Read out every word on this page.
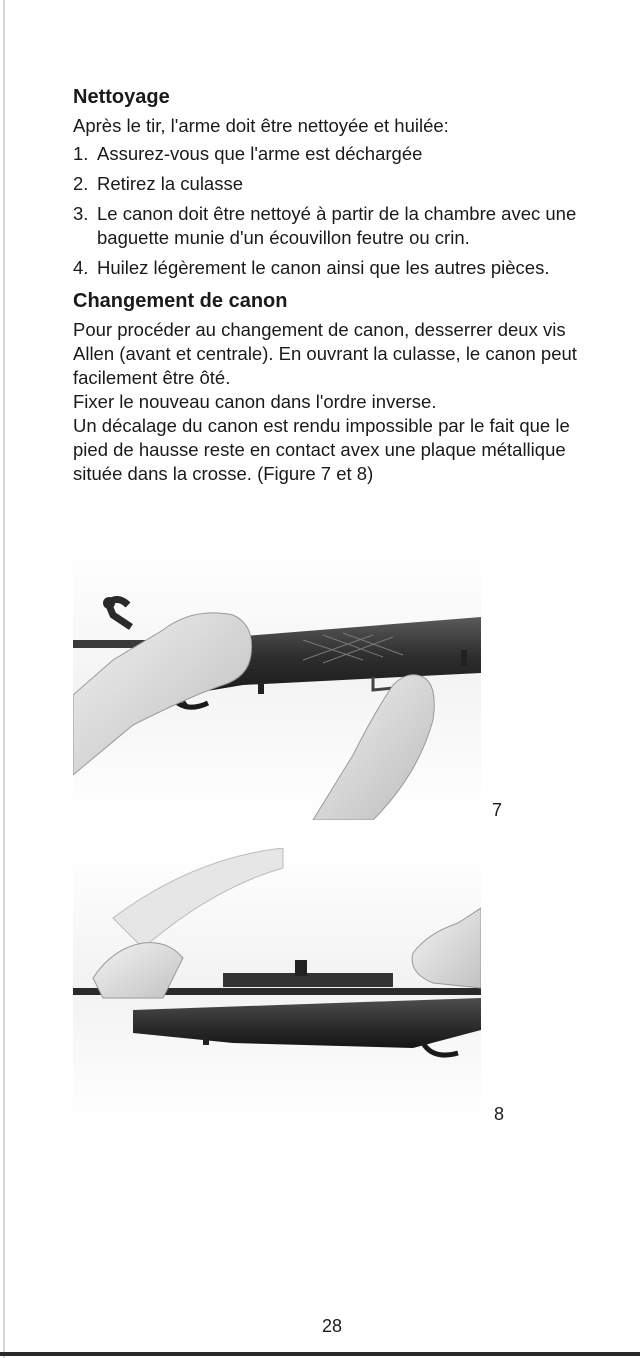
Nettoyage

Après le tir, l'arme doit être nettoyée et huilée:

1. Assurez-vous que l'arme est déchargée
2. Retirez la culasse
3. Le canon doit être nettoyé à partir de la chambre avec une baguette munie d'un écouvillon feutre ou crin.
4. Huilez légèrement le canon ainsi que les autres pièces.
Changement de canon

Pour procéder au changement de canon, desserrer deux vis Allen (avant et centrale). En ouvrant la culasse, le canon peut facilement être ôté.

Fixer le nouveau canon dans l'ordre inverse.

Un décalage du canon est rendu impossible par le fait que le pied de hausse reste en contact avex une plaque métallique située dans la crosse. (Figure 7 et 8)

7
8
28
